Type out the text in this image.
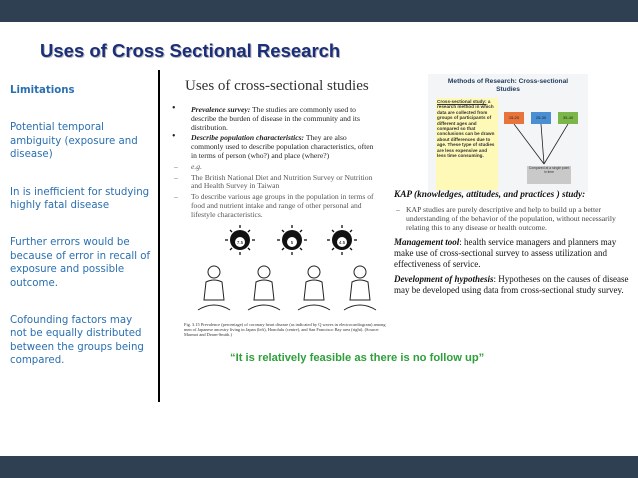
Uses of Cross Sectional Research
Limitations

Potential temporal ambiguity (exposure and disease)

In is inefficient for studying highly fatal disease

Further errors would be because of error in recall of exposure and possible outcome.

Cofounding factors may not be equally distributed between the groups being compared.

Uses of cross-sectional studies
• Prevalence survey: The studies are commonly used to describe the burden of disease in the community and its distribution.
• Describe population characteristics: They are also commonly used to describe population characteristics, often in terms of person (who?) and place (where?)
– e.g.
– The British National Diet and Nutrition Survey or Nutrition and Health Survey in Taiwan
– To describe various age groups in the population in terms of food and nutrient intake and range of other personal and lifestyle characteristics.
7.5	5	4.5
Fig. 3.15 Prevalence (percentage) of coronary heart disease (as indicated by Q waves in electrocardiogram) among men of Japanese ancestry living in Japan (left), Honolulu (centre), and San Francisco Bay area (right). (Source: Marmot and Dearn-Smith.)
Methods of Research: Cross-sectional
Studies
Cross-sectional study: a research method in which data are collected from groups of participants of different ages and compared so that conclusions can be drawn about differences due to age. These type of studies are less expensive and less time consuming.
15-20	25-30	35-40
Compared at a single point in time
KAP (knowledges, attitudes, and practices ) study:
– KAP studies are purely descriptive and help to build up a better understanding of the behavior of the population, without necessarily relating this to any disease or health outcome.
Management tool: health service managers and planners may make use of cross-sectional survey to assess utilization and effectiveness of service.
Development of hypothesis: Hypotheses on the causes of disease may be developed using data from cross-sectional study survey.
“It is relatively feasible as there is no follow up”
